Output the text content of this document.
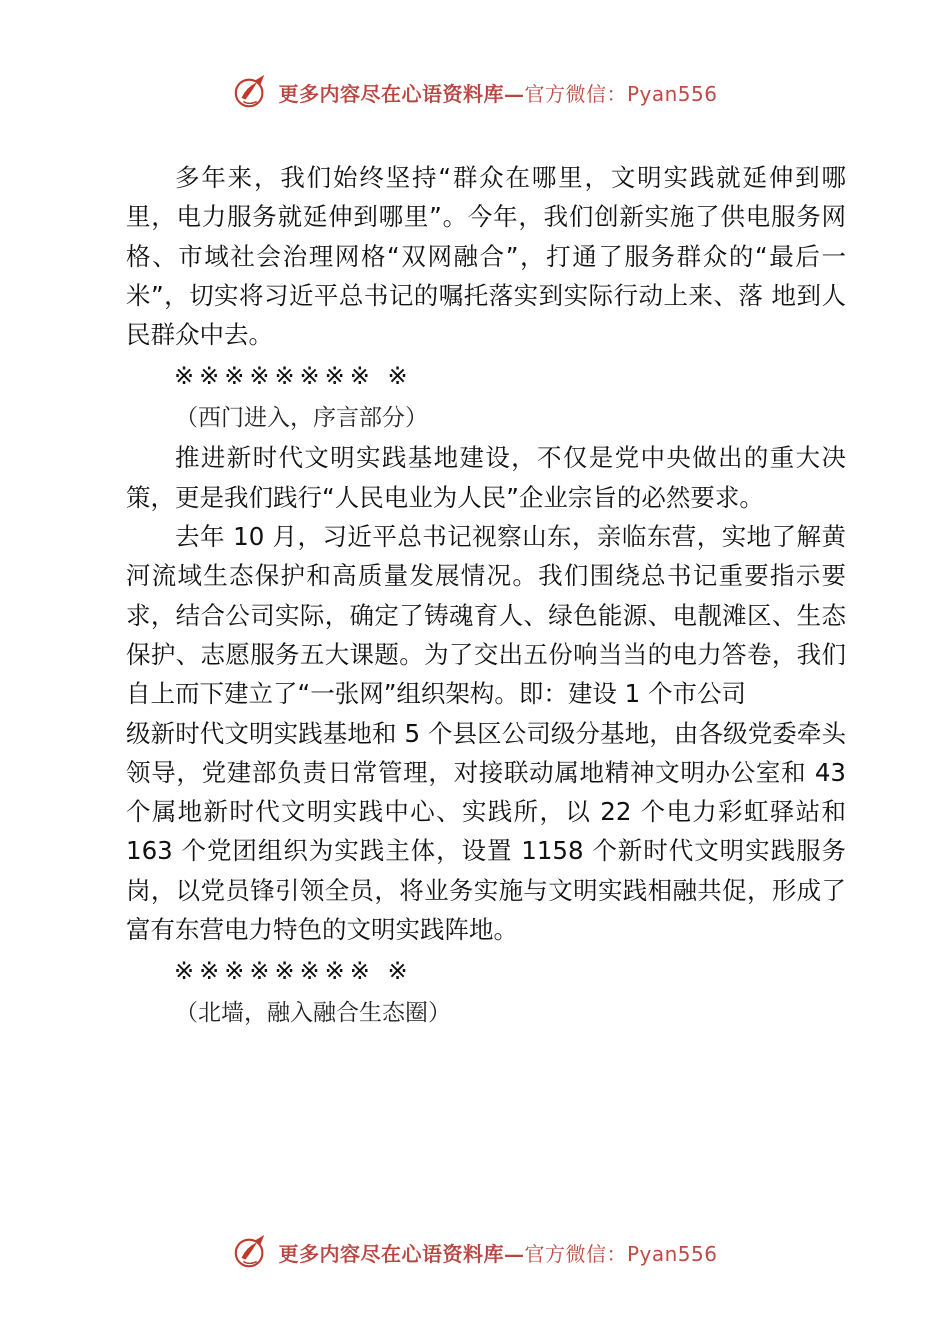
更多内容尽在心语资料库—官方微信：Pyan556

多年来，我们始终坚持“群众在哪里，文明实践就延伸到哪里，电力服务就延伸到哪里”。今年，我们创新实施了供电服务网格、市域社会治理网格“双网融合”，打通了服务群众的“最后一米”，切实将习近平总书记的嘱托落实到实际行动上来、落 地到人民群众中去。

※※※※※※※※ ※
（西门进入，序言部分）

推进新时代文明实践基地建设，不仅是党中央做出的重大决策，更是我们践行“人民电业为人民”企业宗旨的必然要求。

去年 10 月，习近平总书记视察山东，亲临东营，实地了解黄河流域生态保护和高质量发展情况。我们围绕总书记重要指示要求，结合公司实际，确定了铸魂育人、绿色能源、电靓滩区、生态保护、志愿服务五大课题。为了交出五份响当当的电力答卷，我们自上而下建立了“一张网”组织架构。即：建设 1 个市公司

级新时代文明实践基地和 5 个县区公司级分基地，由各级党委牵头领导，党建部负责日常管理，对接联动属地精神文明办公室和 43 个属地新时代文明实践中心、实践所，以 22 个电力彩虹驿站和 163 个党团组织为实践主体，设置 1158 个新时代文明实践服务岗，以党员锋引领全员，将业务实施与文明实践相融共促，形成了富有东营电力特色的文明实践阵地。

※※※※※※※※ ※
（北墙，融入融合生态圈）
更多内容尽在心语资料库—官方微信：Pyan556
